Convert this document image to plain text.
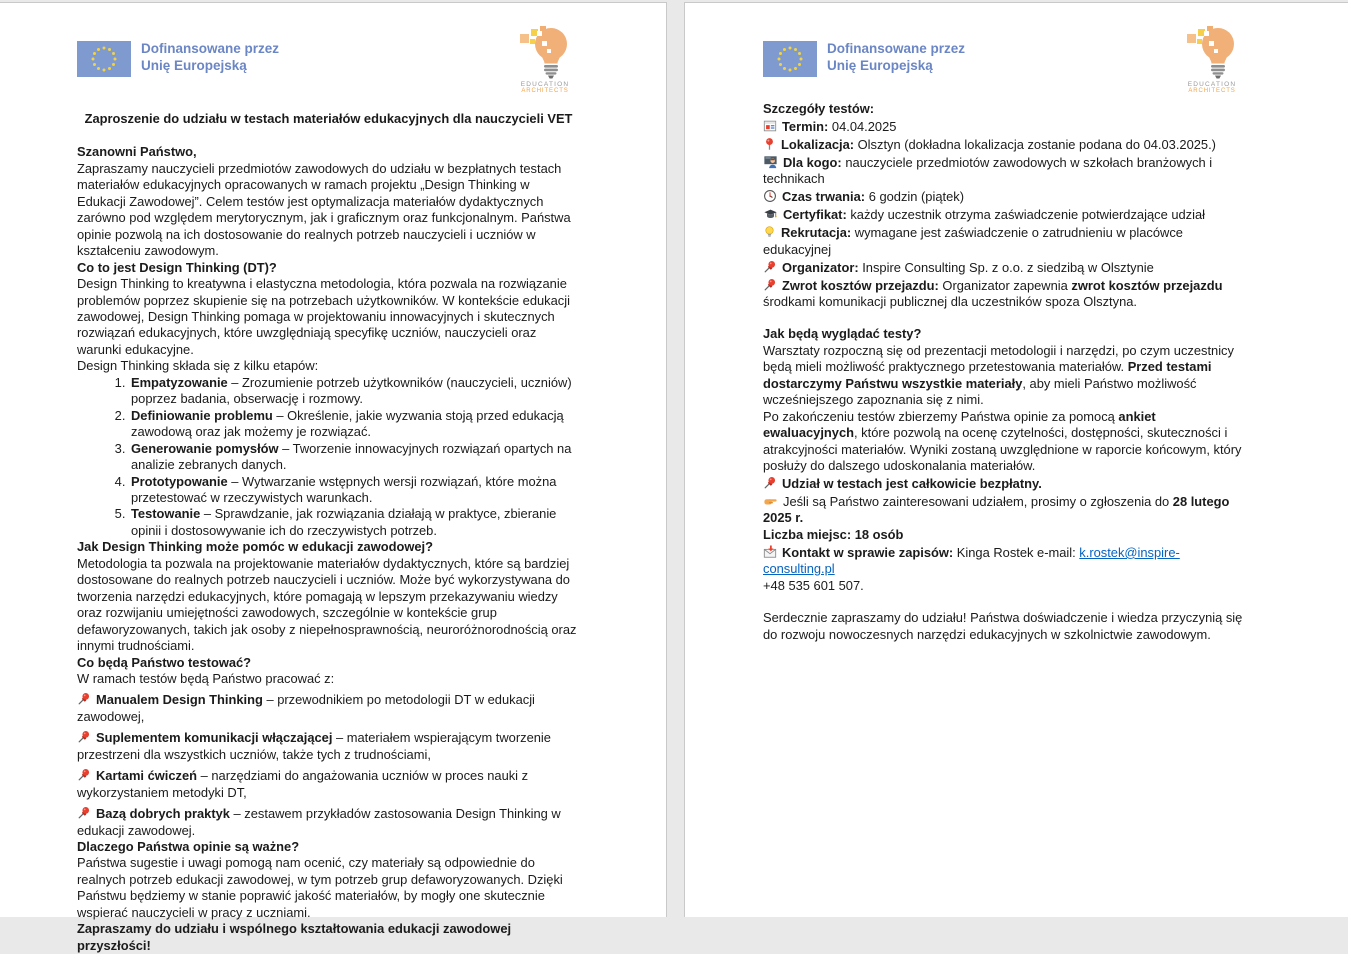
Dofinansowane przez
Unię Europejską
EDUCATION
ARCHITECTS
Zaproszenie do udziału w testach materiałów edukacyjnych dla nauczycieli VET
Szanowni Państwo,
Zapraszamy nauczycieli przedmiotów zawodowych do udziału w bezpłatnych testach materiałów edukacyjnych opracowanych w ramach projektu „Design Thinking w Edukacji Zawodowej”. Celem testów jest optymalizacja materiałów dydaktycznych zarówno pod względem merytorycznym, jak i graficznym oraz funkcjonalnym. Państwa opinie pozwolą na ich dostosowanie do realnych potrzeb nauczycieli i uczniów w kształceniu zawodowym.
Co to jest Design Thinking (DT)?
Design Thinking to kreatywna i elastyczna metodologia, która pozwala na rozwiązanie problemów poprzez skupienie się na potrzebach użytkowników. W kontekście edukacji zawodowej, Design Thinking pomaga w projektowaniu innowacyjnych i skutecznych rozwiązań edukacyjnych, które uwzględniają specyfikę uczniów, nauczycieli oraz warunki edukacyjne.
Design Thinking składa się z kilku etapów:
1. Empatyzowanie – Zrozumienie potrzeb użytkowników (nauczycieli, uczniów) poprzez badania, obserwację i rozmowy.
2. Definiowanie problemu – Określenie, jakie wyzwania stoją przed edukacją zawodową oraz jak możemy je rozwiązać.
3. Generowanie pomysłów – Tworzenie innowacyjnych rozwiązań opartych na analizie zebranych danych.
4. Prototypowanie – Wytwarzanie wstępnych wersji rozwiązań, które można przetestować w rzeczywistych warunkach.
5. Testowanie – Sprawdzanie, jak rozwiązania działają w praktyce, zbieranie opinii i dostosowywanie ich do rzeczywistych potrzeb.
Jak Design Thinking może pomóc w edukacji zawodowej?
Metodologia ta pozwala na projektowanie materiałów dydaktycznych, które są bardziej dostosowane do realnych potrzeb nauczycieli i uczniów. Może być wykorzystywana do tworzenia narzędzi edukacyjnych, które pomagają w lepszym przekazywaniu wiedzy oraz rozwijaniu umiejętności zawodowych, szczególnie w kontekście grup defaworyzowanych, takich jak osoby z niepełnosprawnością, neuroróżnorodnością oraz innymi trudnościami.
Co będą Państwo testować?
W ramach testów będą Państwo pracować z:
Manualem Design Thinking – przewodnikiem po metodologii DT w edukacji zawodowej,
Suplementem komunikacji włączającej – materiałem wspierającym tworzenie przestrzeni dla wszystkich uczniów, także tych z trudnościami,
Kartami ćwiczeń – narzędziami do angażowania uczniów w proces nauki z wykorzystaniem metodyki DT,
Bazą dobrych praktyk – zestawem przykładów zastosowania Design Thinking w edukacji zawodowej.
Dlaczego Państwa opinie są ważne?
Państwa sugestie i uwagi pomogą nam ocenić, czy materiały są odpowiednie do realnych potrzeb edukacji zawodowej, w tym potrzeb grup defaworyzowanych. Dzięki Państwu będziemy w stanie poprawić jakość materiałów, by mogły one skutecznie wspierać nauczycieli w pracy z uczniami.
Zapraszamy do udziału i wspólnego kształtowania edukacji zawodowej przyszłości!
Dofinansowane przez
Unię Europejską
EDUCATION
ARCHITECTS
Szczegóły testów:
Termin: 04.04.2025
Lokalizacja: Olsztyn (dokładna lokalizacja zostanie podana do 04.03.2025.)
Dla kogo: nauczyciele przedmiotów zawodowych w szkołach branżowych i technikach
Czas trwania: 6 godzin (piątek)
Certyfikat: każdy uczestnik otrzyma zaświadczenie potwierdzające udział
Rekrutacja: wymagane jest zaświadczenie o zatrudnieniu w placówce edukacyjnej
Organizator: Inspire Consulting Sp. z o.o. z siedzibą w Olsztynie
Zwrot kosztów przejazdu: Organizator zapewnia zwrot kosztów przejazdu środkami komunikacji publicznej dla uczestników spoza Olsztyna.
Jak będą wyglądać testy?
Warsztaty rozpoczną się od prezentacji metodologii i narzędzi, po czym uczestnicy będą mieli możliwość praktycznego przetestowania materiałów. Przed testami dostarczymy Państwu wszystkie materiały, aby mieli Państwo możliwość wcześniejszego zapoznania się z nimi.
Po zakończeniu testów zbierzemy Państwa opinie za pomocą ankiet ewaluacyjnych, które pozwolą na ocenę czytelności, dostępności, skuteczności i atrakcyjności materiałów. Wyniki zostaną uwzględnione w raporcie końcowym, który posłuży do dalszego udoskonalania materiałów.
Udział w testach jest całkowicie bezpłatny.
Jeśli są Państwo zainteresowani udziałem, prosimy o zgłoszenia do 28 lutego 2025 r.
Liczba miejsc: 18 osób
Kontakt w sprawie zapisów: Kinga Rostek e-mail: k.rostek@inspire-consulting.pl
+48 535 601 507.
Serdecznie zapraszamy do udziału! Państwa doświadczenie i wiedza przyczynią się do rozwoju nowoczesnych narzędzi edukacyjnych w szkolnictwie zawodowym.
